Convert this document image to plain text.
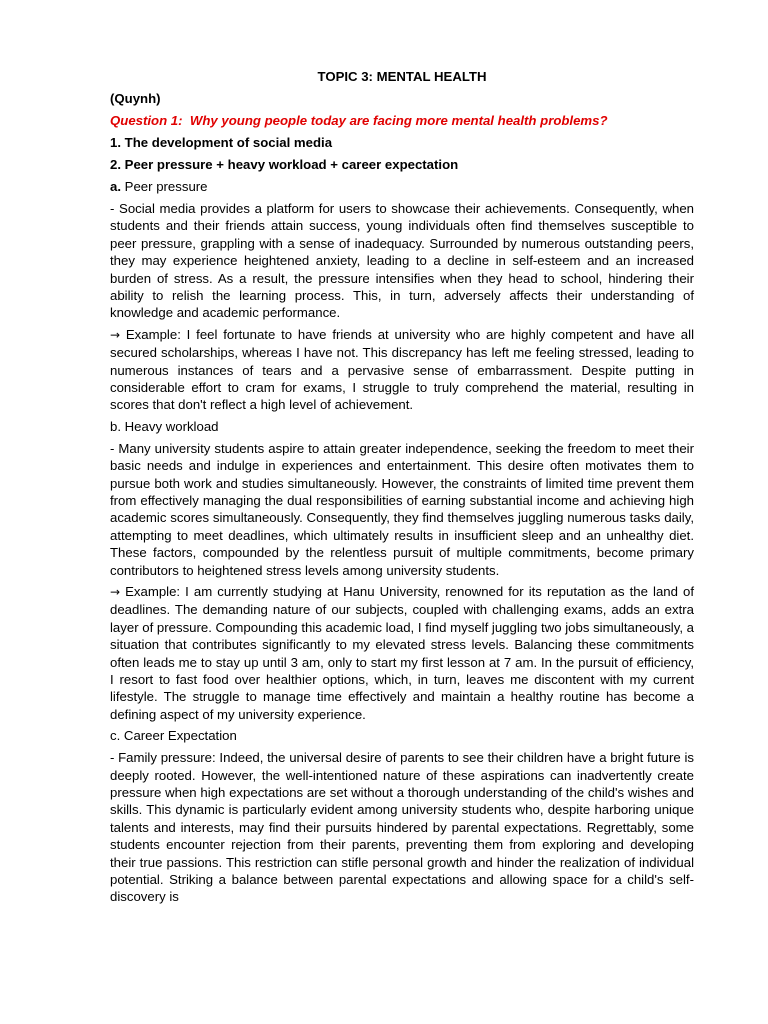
TOPIC 3: MENTAL HEALTH
(Quynh)
Question 1: Why young people today are facing more mental health problems?
1. The development of social media
2. Peer pressure + heavy workload + career expectation
a. Peer pressure
- Social media provides a platform for users to showcase their achievements. Consequently, when students and their friends attain success, young individuals often find themselves susceptible to peer pressure, grappling with a sense of inadequacy. Surrounded by numerous outstanding peers, they may experience heightened anxiety, leading to a decline in self-esteem and an increased burden of stress. As a result, the pressure intensifies when they head to school, hindering their ability to relish the learning process. This, in turn, adversely affects their understanding of knowledge and academic performance.
→ Example: I feel fortunate to have friends at university who are highly competent and have all secured scholarships, whereas I have not. This discrepancy has left me feeling stressed, leading to numerous instances of tears and a pervasive sense of embarrassment. Despite putting in considerable effort to cram for exams, I struggle to truly comprehend the material, resulting in scores that don't reflect a high level of achievement.
b. Heavy workload
- Many university students aspire to attain greater independence, seeking the freedom to meet their basic needs and indulge in experiences and entertainment. This desire often motivates them to pursue both work and studies simultaneously. However, the constraints of limited time prevent them from effectively managing the dual responsibilities of earning substantial income and achieving high academic scores simultaneously. Consequently, they find themselves juggling numerous tasks daily, attempting to meet deadlines, which ultimately results in insufficient sleep and an unhealthy diet. These factors, compounded by the relentless pursuit of multiple commitments, become primary contributors to heightened stress levels among university students.
→ Example: I am currently studying at Hanu University, renowned for its reputation as the land of deadlines. The demanding nature of our subjects, coupled with challenging exams, adds an extra layer of pressure. Compounding this academic load, I find myself juggling two jobs simultaneously, a situation that contributes significantly to my elevated stress levels. Balancing these commitments often leads me to stay up until 3 am, only to start my first lesson at 7 am. In the pursuit of efficiency, I resort to fast food over healthier options, which, in turn, leaves me discontent with my current lifestyle. The struggle to manage time effectively and maintain a healthy routine has become a defining aspect of my university experience.
c. Career Expectation
- Family pressure: Indeed, the universal desire of parents to see their children have a bright future is deeply rooted. However, the well-intentioned nature of these aspirations can inadvertently create pressure when high expectations are set without a thorough understanding of the child's wishes and skills. This dynamic is particularly evident among university students who, despite harboring unique talents and interests, may find their pursuits hindered by parental expectations. Regrettably, some students encounter rejection from their parents, preventing them from exploring and developing their true passions. This restriction can stifle personal growth and hinder the realization of individual potential. Striking a balance between parental expectations and allowing space for a child's self-discovery is
